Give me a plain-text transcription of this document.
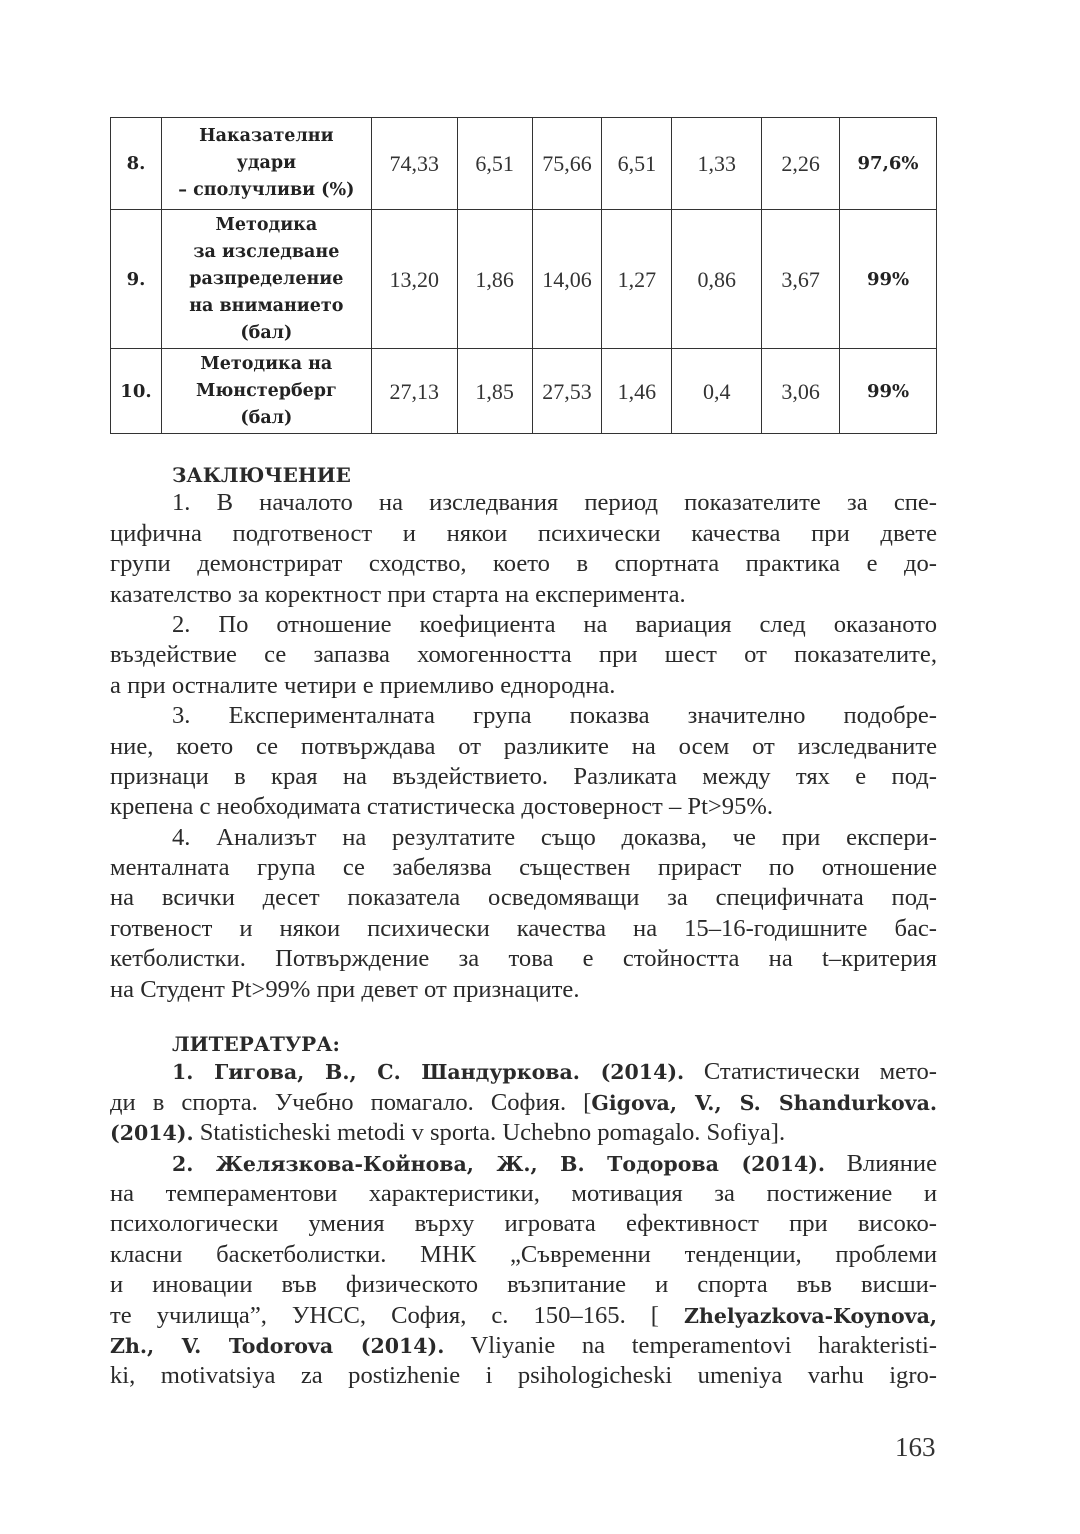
8.	Наказателни
удари
– сполучливи (%)	74,33	6,51	75,66	6,51	1,33	2,26	97,6%
9.	Методика
за изследване
разпределение
на вниманието
(бал)	13,20	1,86	14,06	1,27	0,86	3,67	99%
10.	Методика на
Мюнстерберг
(бал)	27,13	1,85	27,53	1,46	0,4	3,06	99%
ЗАКЛЮЧЕНИЕ
1. В началото на изследвания период показателите за спе-
цифична подготвеност и някои психически качества при двете
групи демонстрират сходство, което в спортната практика е до-
казателство за коректност при старта на експеримента.
2. По отношение коефициента на вариация след оказаното
въздействие се запазва хомогенността при шест от показателите,
а при остналите четири е приемливо еднородна.
3. Експерименталната група показва значително подобре-
ние, което се потвърждава от разликите на осем от изследваните
признаци в края на въздействието. Разликата между тях е под-
крепена с необходимата статистическа достоверност – Pt>95%.
4. Анализът на резултатите също доказва, че при експери-
менталната група се забелязва съществен прираст по отношение
на всички десет показатела осведомяващи за специфичната под-
готвеност и някои психически качества на 15–16-годишните бас-
кетболистки. Потвърждение за това е стойността на t–критерия
на Студент Pt>99% при девет от признаците.
ЛИТЕРАТУРА:
1. Гигова, В., С. Шандуркова. (2014). Статистически мето-
ди в спорта. Учебно помагало. София. [Gigova, V., S. Shandurkova.
(2014). Statisticheski metodi v sporta. Uchebno pomagalo. Sofiya].
2. Желязкова-Койнова, Ж., В. Тодорова (2014). Влияние
на темпераментови характеристики, мотивация за постижение и
психологически умения върху игровата ефективност при високо-
класни баскетболистки. МНК „Съвременни тенденции, проблеми
и иновации във физическото възпитание и спорта във висши-
те училища”, УНСС, София, с. 150–165. [ Zhelyazkova-Koynova,
Zh., V. Todorova (2014). Vliyanie na temperamentovi harakteristi-
ki, motivatsiya za postizhenie i psihologicheski umeniya varhu igro-
163
